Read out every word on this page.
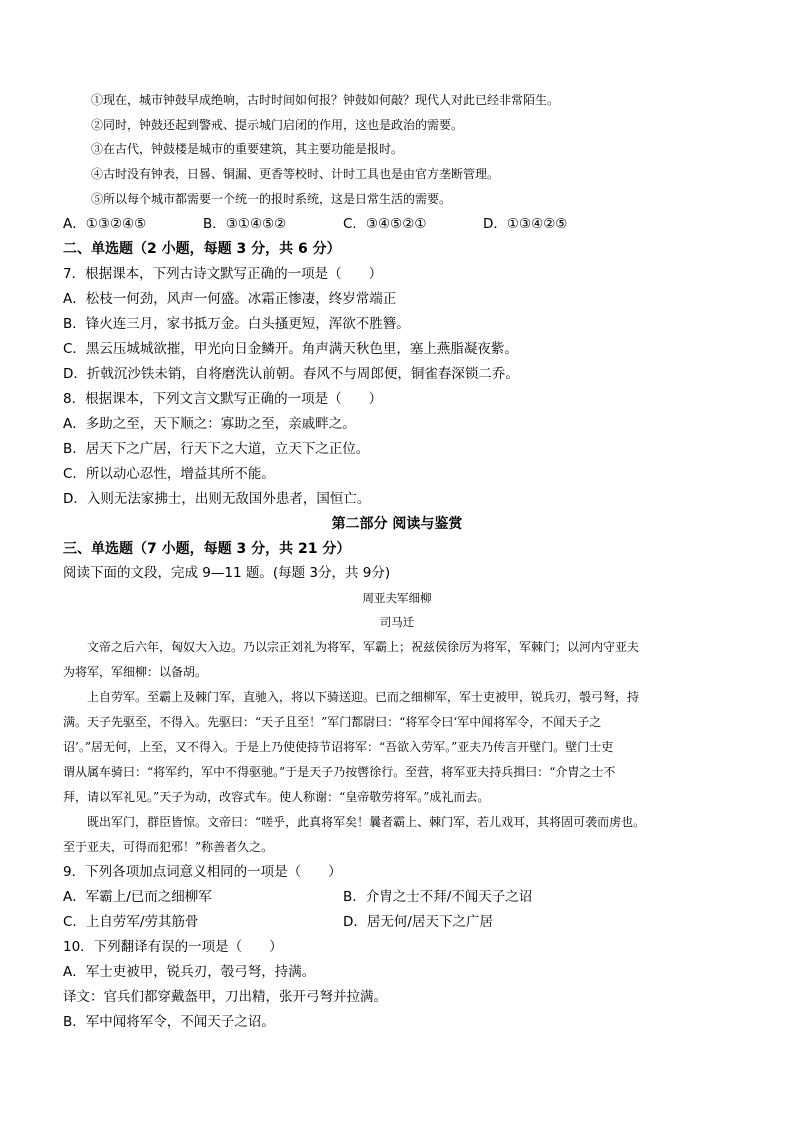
①现在，城市钟鼓早成绝响，古时时间如何报？钟鼓如何敲？现代人对此已经非常陌生。

②同时，钟鼓还起到警戒、提示城门启闭的作用，这也是政治的需要。

③在古代，钟鼓楼是城市的重要建筑，其主要功能是报时。

④古时没有钟表，日晷、铜漏、更香等校时、计时工具也是由官方垄断管理。

⑤所以每个城市都需要一个统一的报时系统，这是日常生活的需要。

A．①③②④⑤	B．③①④⑤②	C．③④⑤②①	D．①③④②⑤

二、单选题（2 小题，每题 3 分，共 6 分）

7．根据课本，下列古诗文默写正确的一项是（　　）

A．松枝一何劲，风声一何盛。冰霜正惨凄，终岁常端正

B．锋火连三月，家书抵万金。白头搔更短，浑欲不胜簪。

C．黑云压城城欲摧，甲光向日金鳞开。角声满天秋色里，塞上燕脂凝夜紫。

D．折戟沉沙铁未销，自将磨洗认前朝。春风不与周郎便，铜雀春深锁二乔。

8．根据课本，下列文言文默写正确的一项是（　　）

A．多助之至，天下顺之：寡助之至，亲戚畔之。

B．居天下之广居，行天下之大道，立天下之正位。

C．所以动心忍性，增益其所不能。

D．入则无法家拂士，出则无敌国外患者，国恒亡。

第二部分 阅读与鉴赏

三、单选题（7 小题，每题 3 分，共 21 分）

阅读下面的文段，完成 9—11 题。(每题 3分，共 9分)

周亚夫军细柳

司马迁

　　文帝之后六年，匈奴大入边。乃以宗正刘礼为将军，军霸上；祝兹侯徐厉为将军，军棘门；以河内守亚夫

为将军，军细柳：以备胡。

　　上自劳军。至霸上及棘门军，直驰入，将以下骑送迎。已而之细柳军，军士吏被甲，锐兵刃，彀弓弩，持

满。天子先驱至，不得入。先驱曰：“天子且至！”军门都尉曰：“将军令曰‘军中闻将军令，不闻天子之

诏’。”居无何，上至，又不得入。于是上乃使使持节诏将军：“吾欲入劳军。”亚夫乃传言开壁门。壁门士吏

谓从属车骑曰：“将军约，军中不得驱驰。”于是天子乃按辔徐行。至营，将军亚夫持兵揖曰：“介胄之士不

拜，请以军礼见。”天子为动，改容式车。使人称谢：“皇帝敬劳将军。”成礼而去。

　　既出军门，群臣皆惊。文帝曰：“嗟乎，此真将军矣！曩者霸上、棘门军，若儿戏耳，其将固可袭而虏也。

至于亚夫，可得而犯邪！”称善者久之。

9．下列各项加点词意义相同的一项是（　　）

A．军霸上/已而之细柳军	B．介胄之士不拜/不闻天子之诏
C．上自劳军/劳其筋骨	D．居无何/居天下之广居

10．下列翻译有误的一项是（　　）

A．军士吏被甲，锐兵刃，彀弓弩，持满。

译文：官兵们都穿戴盔甲，刀出精，张开弓弩并拉满。

B．军中闻将军令，不闻天子之诏。
